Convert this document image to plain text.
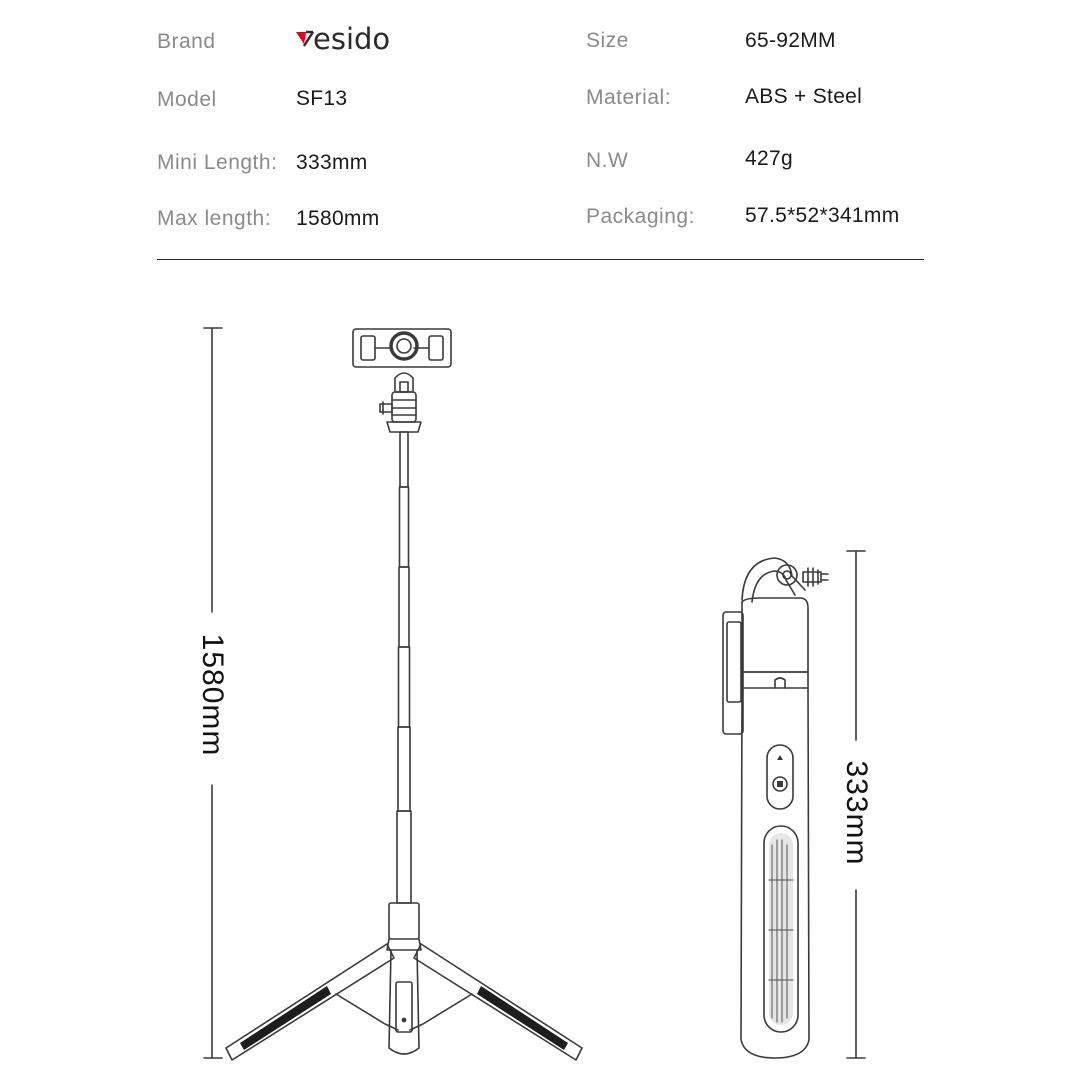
Brand	esido
Model	SF13
Mini Length: 333mm
Max length: 1580mm
Size	65-92MM
Material:	ABS + Steel
N.W	427g
Packaging: 57.5*52*341mm
1580mm
333mm
